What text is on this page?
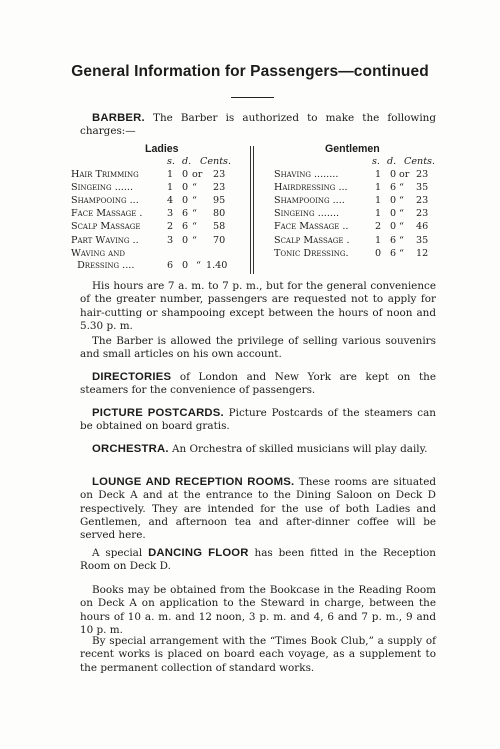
General Information for Passengers—continued
BARBER. The Barber is authorized to make the following charges:—
Ladies
s. d. Cents.
Hair Trimming	1 0 or 23
Singeing ......	1 0 “ 23
Shampooing ...	4 0 “ 95
Face Massage .	3 6 “ 80
Scalp Massage	2 6 “ 58
Part Waving ..	3 0 “ 70
Waving and
Dressing ....	6 0 “ 1.40
Gentlemen
s. d. Cents.
Shaving ........	1 0 or 23
Hairdressing ...	1 6 “ 35
Shampooing ....	1 0 “ 23
Singeing .......	1 0 “ 23
Face Massage ..	2 0 “ 46
Scalp Massage .	1 6 “ 35
Tonic Dressing.	0 6 “ 12
His hours are 7 a. m. to 7 p. m., but for the general convenience of the greater number, passengers are requested not to apply for hair-cutting or shampooing except between the hours of noon and 5.30 p. m.
The Barber is allowed the privilege of selling various souvenirs and small articles on his own account.
DIRECTORIES of London and New York are kept on the steamers for the convenience of passengers.
PICTURE POSTCARDS. Picture Postcards of the steamers can be obtained on board gratis.
ORCHESTRA. An Orchestra of skilled musicians will play daily.
LOUNGE AND RECEPTION ROOMS. These rooms are situated on Deck A and at the entrance to the Dining Saloon on Deck D respectively. They are intended for the use of both Ladies and Gentlemen, and afternoon tea and after-dinner coffee will be served here.
A special DANCING FLOOR has been fitted in the Reception Room on Deck D.
Books may be obtained from the Bookcase in the Reading Room on Deck A on application to the Steward in charge, between the hours of 10 a. m. and 12 noon, 3 p. m. and 4, 6 and 7 p. m., 9 and 10 p. m.
By special arrangement with the “Times Book Club,” a supply of recent works is placed on board each voyage, as a supplement to the permanent collection of standard works.
